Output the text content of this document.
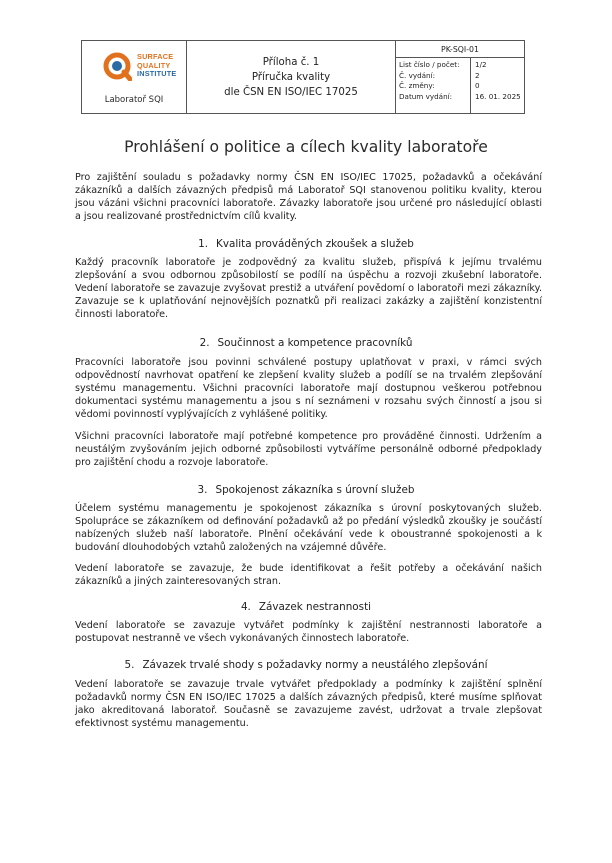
SURFACE
QUALITY
INSTITUTE
Laboratoř SQI
Příloha č. 1
Příručka kvality
dle ČSN EN ISO/IEC 17025
PK-SQI-01
List číslo / počet:	1/2
Č. vydání:	2
Č. změny:	0
Datum vydání:	16. 01. 2025
Prohlášení o politice a cílech kvality laboratoře

Pro zajištění souladu s požadavky normy ČSN EN ISO/IEC 17025, požadavků a očekávání zákazníků a dalších závazných předpisů má Laboratoř SQI stanovenou politiku kvality, kterou jsou vázáni všichni pracovníci laboratoře. Závazky laboratoře jsou určené pro následující oblasti a jsou realizované prostřednictvím cílů kvality.

1. Kvalita prováděných zkoušek a služeb

Každý pracovník laboratoře je zodpovědný za kvalitu služeb, přispívá k jejímu trvalému zlepšování a svou odbornou způsobilostí se podílí na úspěchu a rozvoji zkušební laboratoře. Vedení laboratoře se zavazuje zvyšovat prestiž a utváření povědomí o laboratoři mezi zákazníky. Zavazuje se k uplatňování nejnovějších poznatků při realizaci zakázky a zajištění konzistentní činnosti laboratoře.

2. Součinnost a kompetence pracovníků

Pracovníci laboratoře jsou povinni schválené postupy uplatňovat v praxi, v rámci svých odpovědností navrhovat opatření ke zlepšení kvality služeb a podílí se na trvalém zlepšování systému managementu. Všichni pracovníci laboratoře mají dostupnou veškerou potřebnou dokumentaci systému managementu a jsou s ní seznámeni v rozsahu svých činností a jsou si vědomi povinností vyplývajících z vyhlášené politiky.

Všichni pracovníci laboratoře mají potřebné kompetence pro prováděné činnosti. Udržením a neustálým zvyšováním jejich odborné způsobilosti vytváříme personálně odborné předpoklady pro zajištění chodu a rozvoje laboratoře.

3. Spokojenost zákazníka s úrovní služeb

Účelem systému managementu je spokojenost zákazníka s úrovní poskytovaných služeb. Spolupráce se zákazníkem od definování požadavků až po předání výsledků zkoušky je součástí nabízených služeb naší laboratoře. Plnění očekávání vede k oboustranné spokojenosti a k budování dlouhodobých vztahů založených na vzájemné důvěře.

Vedení laboratoře se zavazuje, že bude identifikovat a řešit potřeby a očekávání našich zákazníků a jiných zainteresovaných stran.

4. Závazek nestrannosti

Vedení laboratoře se zavazuje vytvářet podmínky k zajištění nestrannosti laboratoře a postupovat nestranně ve všech vykonávaných činnostech laboratoře.

5. Závazek trvalé shody s požadavky normy a neustálého zlepšování

Vedení laboratoře se zavazuje trvale vytvářet předpoklady a podmínky k zajištění splnění požadavků normy ČSN EN ISO/IEC 17025 a dalších závazných předpisů, které musíme splňovat jako akreditovaná laboratoř. Současně se zavazujeme zavést, udržovat a trvale zlepšovat efektivnost systému managementu.
